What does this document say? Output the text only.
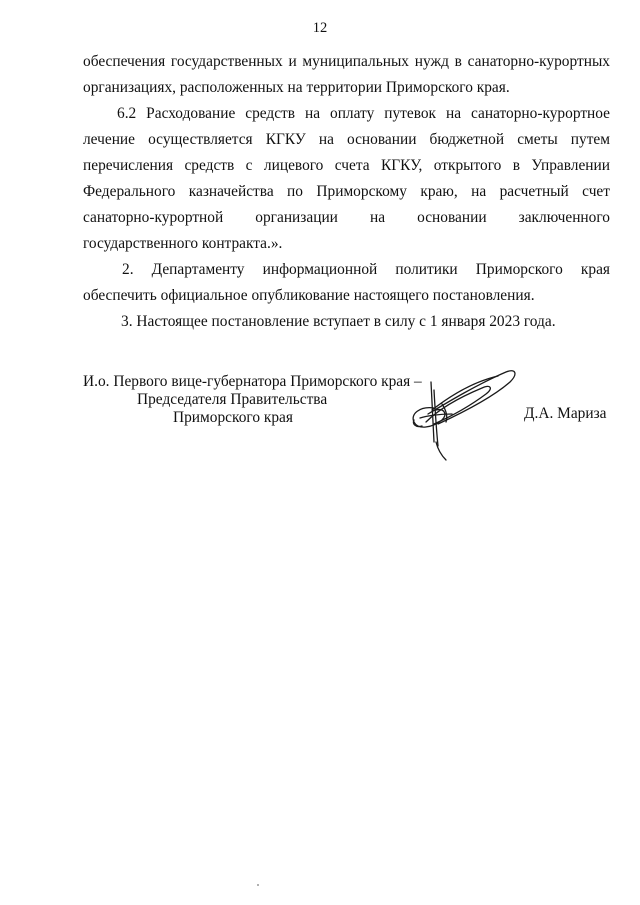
12
обеспечения государственных и муниципальных нужд в санаторно-курортных
организациях, расположенных на территории Приморского края.
6.2 Расходование средств на оплату путевок на санаторно-курортное
лечение осуществляется КГКУ на основании бюджетной сметы путем
перечисления средств с лицевого счета КГКУ, открытого в Управлении
Федерального казначейства по Приморскому краю, на расчетный счет
санаторно-курортной организации на основании заключенного
государственного контракта.».
2. Департаменту информационной политики Приморского края
обеспечить официальное опубликование настоящего постановления.
3. Настоящее постановление вступает в силу с 1 января 2023 года.
И.о. Первого вице-губернатора Приморского края –
Председателя Правительства
Приморского края	Д.А. Мариза
